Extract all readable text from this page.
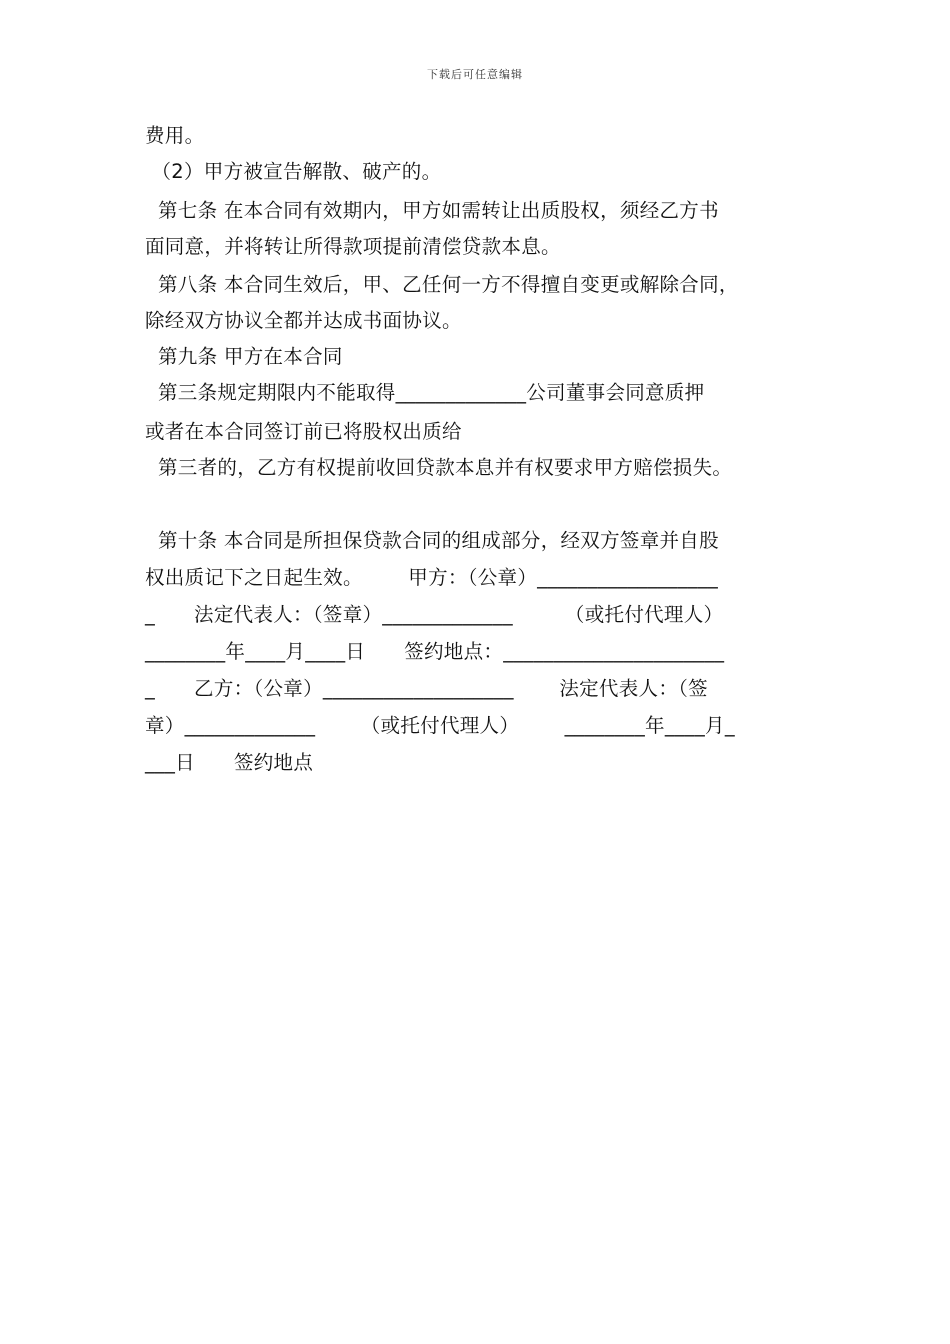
下载后可任意编辑
费用。
（2）甲方被宣告解散、破产的。
第七条 在本合同有效期内，甲方如需转让出质股权，须经乙方书
面同意，并将转让所得款项提前清偿贷款本息。
第八条 本合同生效后，甲、乙任何一方不得擅自变更或解除合同，
除经双方协议全都并达成书面协议。
第九条 甲方在本合同
第三条规定期限内不能取得_____________公司董事会同意质押
或者在本合同签订前已将股权出质给
第三者的，乙方有权提前收回贷款本息并有权要求甲方赔偿损失。
第十条 本合同是所担保贷款合同的组成部分，经双方签章并自股
权出质记下之日起生效。       甲方：（公章）__________________
_      法定代表人：（签章）_____________        （或托付代理人）
________年____月____日      签约地点：______________________
_      乙方：（公章）___________________       法定代表人：（签
章）_____________       （或托付代理人）       ________年____月_
___日      签约地点
